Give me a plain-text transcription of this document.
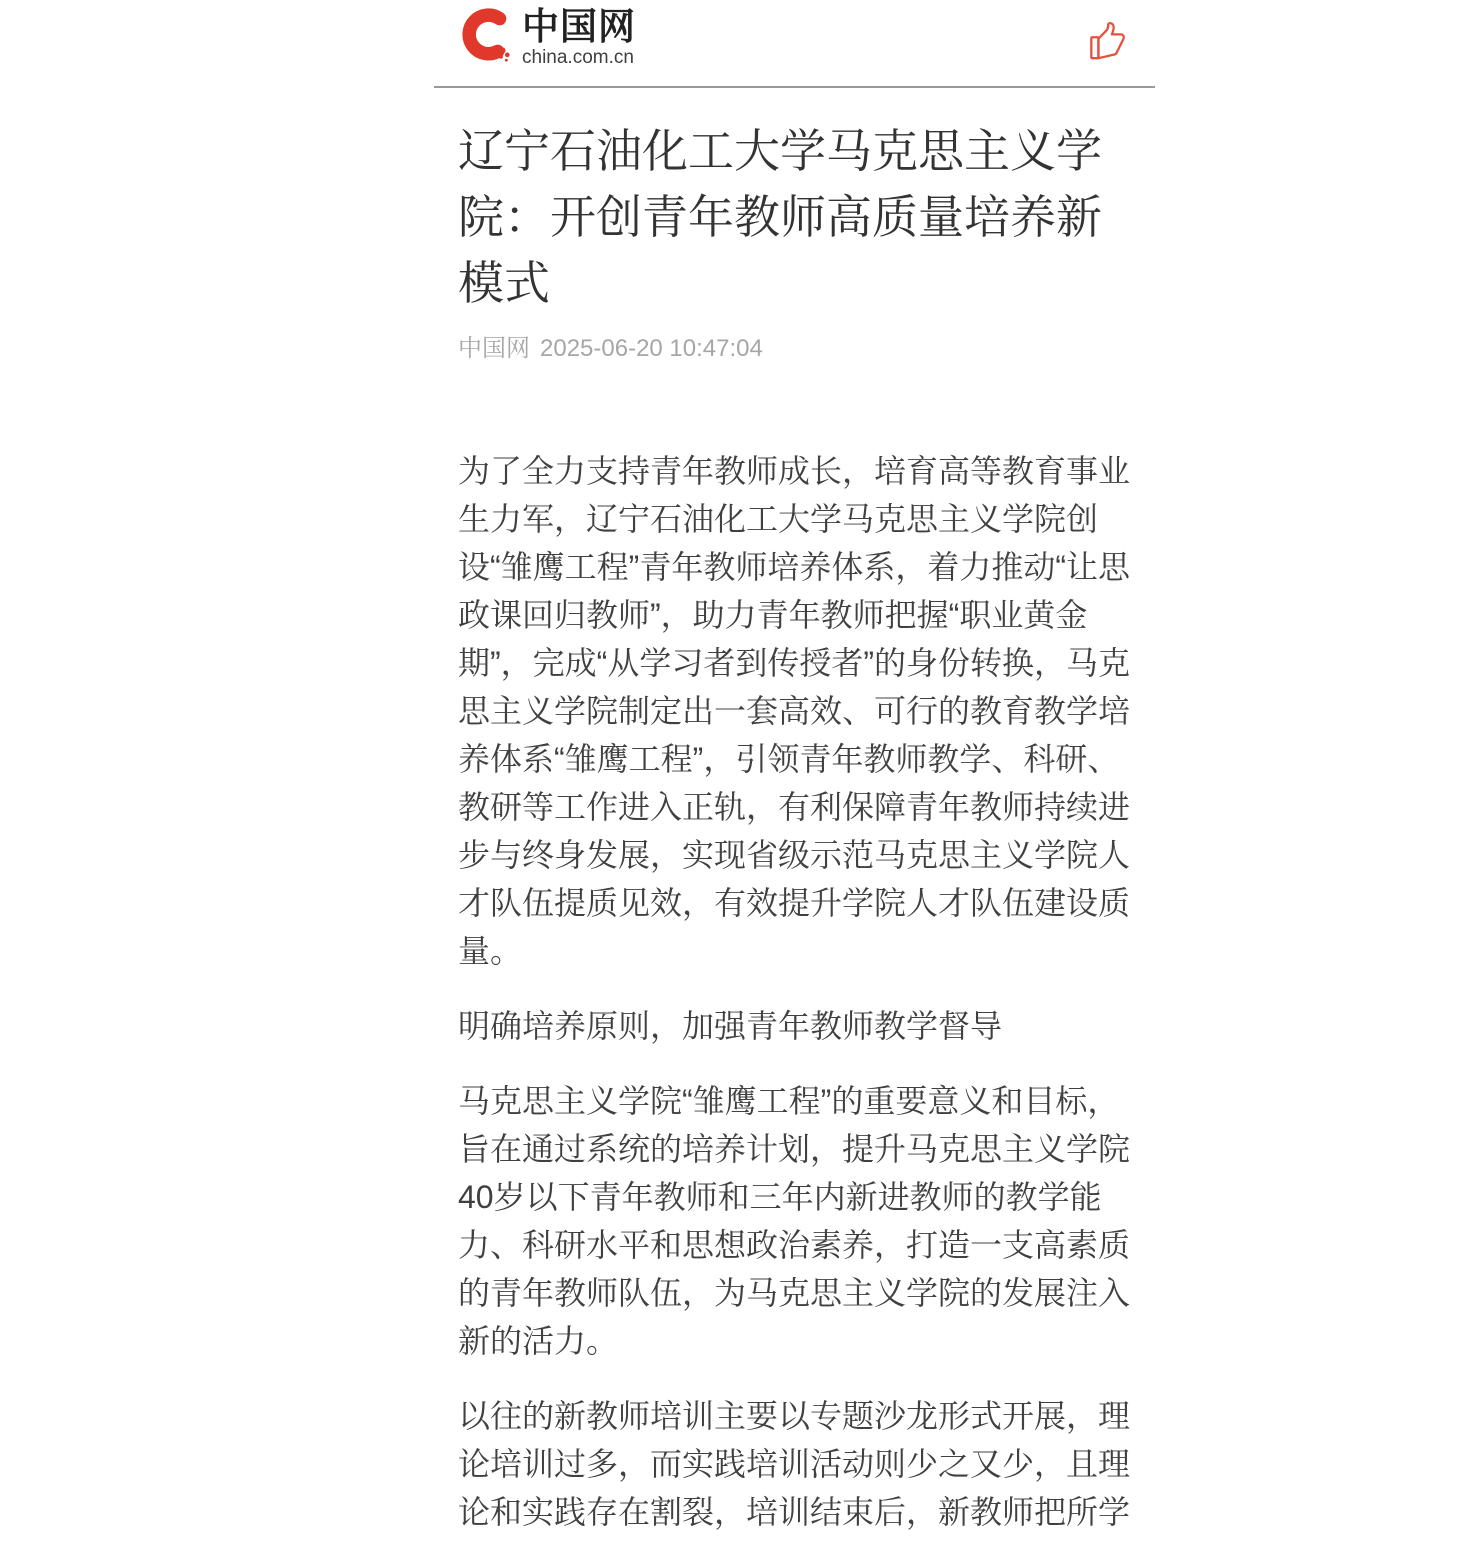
中国网
china.com.cn
辽宁石油化工大学马克思主义学院：开创青年教师高质量培养新模式
中国网 2025-06-20 10:47:04

为了全力支持青年教师成长，培育高等教育事业生力军，辽宁石油化工大学马克思主义学院创设“雏鹰工程”青年教师培养体系，着力推动“让思政课回归教师”，助力青年教师把握“职业黄金期”，完成“从学习者到传授者”的身份转换，马克思主义学院制定出一套高效、可行的教育教学培养体系“雏鹰工程”，引领青年教师教学、科研、教研等工作进入正轨，有利保障青年教师持续进步与终身发展，实现省级示范马克思主义学院人才队伍提质见效，有效提升学院人才队伍建设质量。

明确培养原则，加强青年教师教学督导

马克思主义学院“雏鹰工程”的重要意义和目标，旨在通过系统的培养计划，提升马克思主义学院40岁以下青年教师和三年内新进教师的教学能力、科研水平和思想政治素养，打造一支高素质的青年教师队伍，为马克思主义学院的发展注入新的活力。

以往的新教师培训主要以专题沙龙形式开展，理论培训过多，而实践培训活动则少之又少，且理论和实践存在割裂，培训结束后，新教师把所学
